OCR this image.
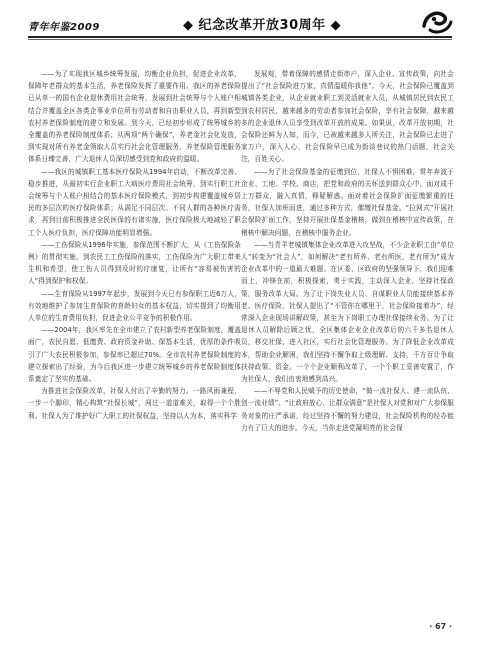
青年年鉴2009	◆ 纪念改革开放30周年 ◆

——为了实现我区城乡统筹发展，均衡企业负担，促进企业改革，保障年老群众的基本生活，养老保险发挥了重要作用。我区的养老保险已从单一的国有企业退休费用社会统筹，发展到社会统筹与个人账户相结合并覆盖全区各类企事业单位所有劳动者和自由职业人员，再到新型农村养老保险制度的建立和发展。到今天，已经初步形成了统筹城乡的全覆盖的养老保险制度体系；从两项“两个确保”，养老金社会化发放，到实现对所有养老金领取人员实行社会化管理服务，养老保险管理服务体系日臻完善，广大退休人员深切感受到党和政府的温暖。

——我区的城镇职工基本医疗保险从1994年启动，不断改革完善、稳步推进，从最初实行企业职工大病医疗费用社会统筹，到实行职工社会统筹与个人账户相结合的基本医疗保险模式，到初步构建覆盖城乡居民的多层次的医疗保险体系；从满足不同层次、不同人群的各种医疗需求，再到目前积极推进全民医保的有诸实施，医疗保险极大地减轻了职工个人医疗负担，医疗保障功能明显增强。

——工伤保险从1996年实施，参保范围不断扩大，从《工伤保险条例》的贯彻实施，到农民工工伤保险的落实，工伤保险为广大职工带来生机和希望，使工伤人员得到及时的疗康复，让所有“容易被伤害的人”得到保护和权保。

——生育保险从1997年起步，发展到今天已有参保职工近6万人，有效地维护了参加生育保险的育龄妇女的基本权益，切实提到了均衡用人单位的生育费用负担，促进企业公平竞争的积极作用。

——2004年，我区率先在全市建立了农村新型养老保险制度，覆盖面广，农民自愿、低缴费、政府资金补助、保基本生活，优厚的条件吸引了广大农民积极参加，参保率已超过70%。全市农村养老保险制度的建立探索出了经验，为今后我区进一步建立统筹城乡的养老保险制度体系奠定了坚实的基础。

为推进社会保险改革，社保人付出了辛勤的努力。一路风雨兼程，一步一个脚印，精心构筑“社保长城”，闯过一道道难关，取得一个个胜利。社保人为了维护好广大职工的社保权益，坚持以人为本，落实科学

发展观，带着保障的感情走街串户，深入企业、宣传政策，向社会提出了“社会保险进万家，真情温暖你我他”。今天，社会保险已覆盖到城镇各类企业，从企业就业职工到灵活就业人员，从城镇居民到农民工到农村居民，越来越多的劳动者参加社会保险，享有社会保障，越来越多的企业退休人员享受到改革开放的成果。如果说，改革开放初期，社会保险还鲜为人知，而今，已被越来越多人所关注，社会保险已走进了家万户，深入人心，社会保险早已成为街谈巷议的热门话题，社会关注，百姓关心。

——为了社会保险基金的征缴到位，社保人不惧困难，常年奔波于企业、工地、学校、商店，把党和政府的关怀送到群众心中，面对成千上万群众，融入真情，释疑解惑。面对着社会保险扩面征缴繁重的任务，社保人加班而进，通过多种方式，催缴社保基金。“拉网式”开展社会保险扩面工作，坚持开展社保基金稽核，做到在稽核中宣传政策，在稽核中解决问题，在稽核中服务企业。

——当青羊老城镇集体企业改革进入攻坚战，不少企业职工由“单位人”转变为“社会人”，如何解决“老有所养、老有所医，老有所为”成为企业改革中的一道最大难题。在区委、区政府的坚强领导下，我们迎难而上，冲锋在前，积极探索，勇于实践，主动深入企业，坚持社保政策，服务改革大局。为了让下岗失业人员、自谋职业人员能接续基本养老、医疗保险，社保人提出了“不管你在哪里干，社会保险接着办”，经常深入企业现场讲解政策，甚至为下岗职工办理社保接续业务。为了让退休人员解除后顾之忧，全区集体企业企业改革后的六千多名退休人员，移交社保，进入社区，实行社会化管理服务。为了降低企业改革成本，帮助企业解困，我们坚持不懈争取上级理解、支持，千方百计争取扶持政策、资金。一个个企业顺利改革了，一个个职工妥善安置了，作为社保人，我们由衷地感到高兴。

——不辱党和人民赋予的历史使命，“做一流社保人、建一流队伍、创一流业绩”、“让政府放心、让群众满意”是社保人对党和对广大参保服务对象的庄严承诺，经过坚持不懈的努力建设，社会保险机构的经办能力有了巨大的进步。今天，当你走进党凝明亮的社会保

· 67 ·
